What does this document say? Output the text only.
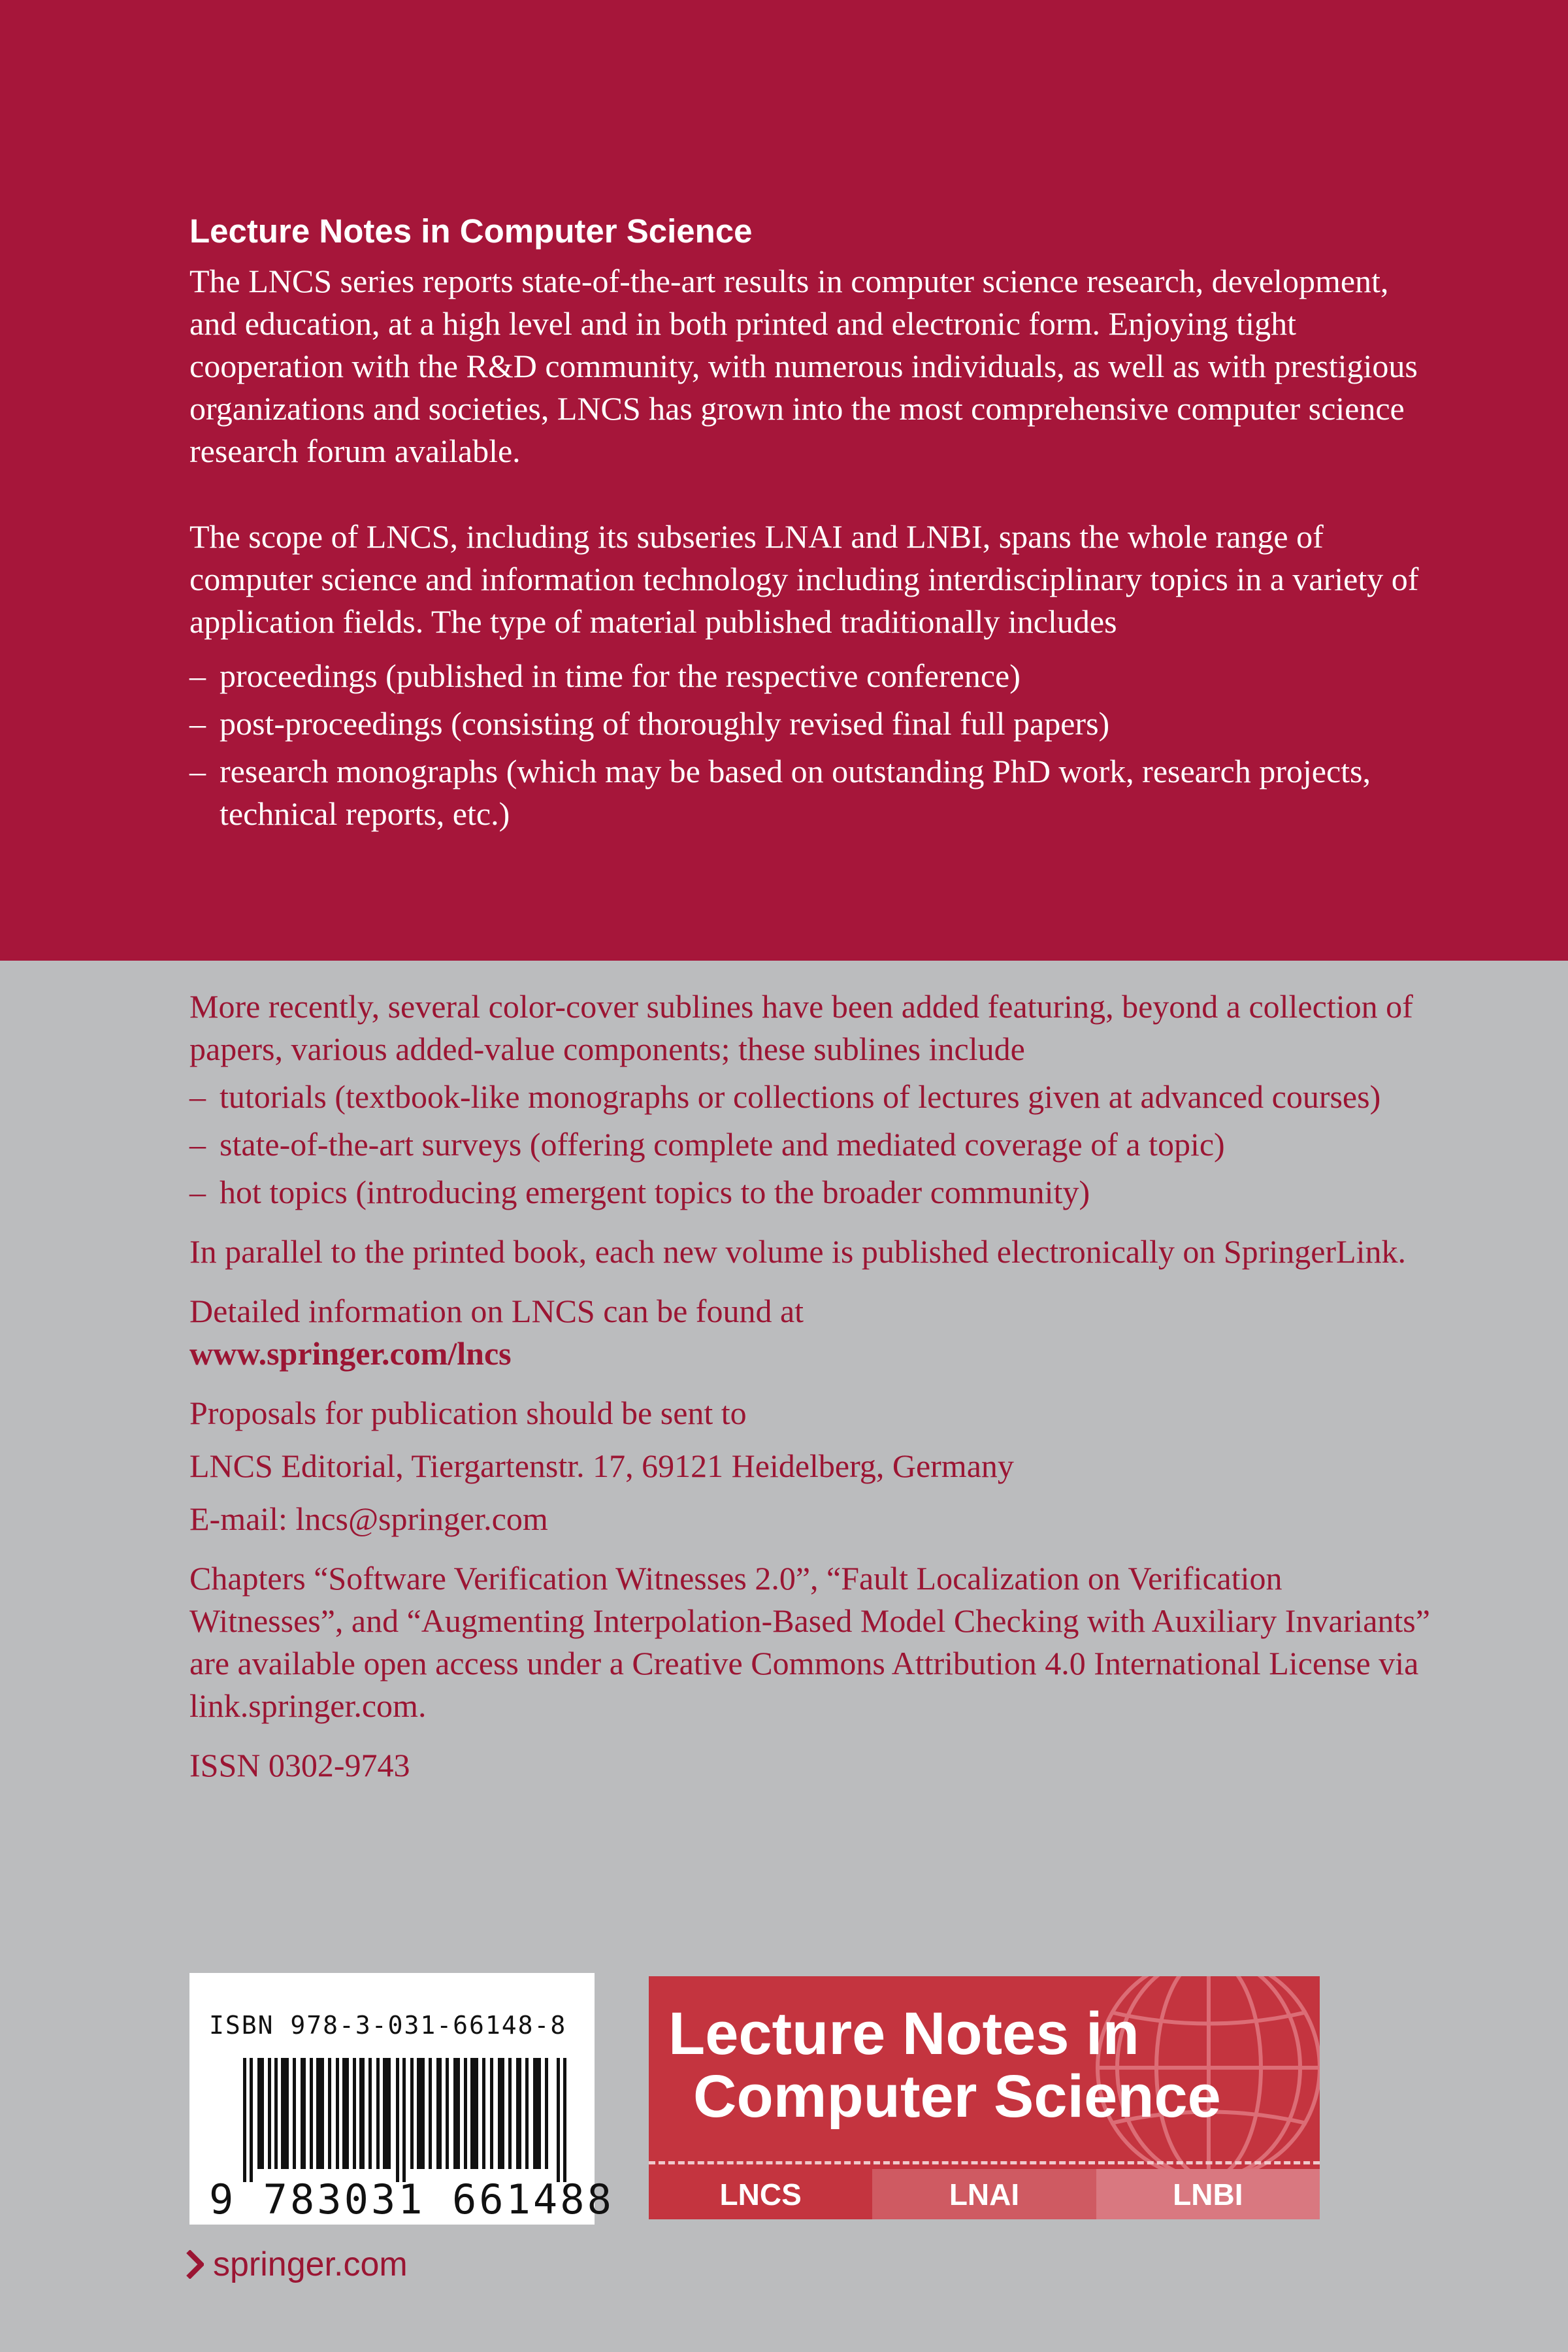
Lecture Notes in Computer Science

The LNCS series reports state-of-the-art results in computer science research, development, and education, at a high level and in both printed and electronic form. Enjoying tight cooperation with the R&D community, with numerous individuals, as well as with prestigious organizations and societies, LNCS has grown into the most comprehensive computer science research forum available.

The scope of LNCS, including its subseries LNAI and LNBI, spans the whole range of computer science and information technology including interdisciplinary topics in a variety of application fields. The type of material published traditionally includes

– proceedings (published in time for the respective conference)
– post-proceedings (consisting of thoroughly revised final full papers)
– research monographs (which may be based on outstanding PhD work, research projects, technical reports, etc.)

More recently, several color-cover sublines have been added featuring, beyond a collection of papers, various added-value components; these sublines include

– tutorials (textbook-like monographs or collections of lectures given at advanced courses)
– state-of-the-art surveys (offering complete and mediated coverage of a topic)
– hot topics (introducing emergent topics to the broader community)

In parallel to the printed book, each new volume is published electronically on SpringerLink.

Detailed information on LNCS can be found at

www.springer.com/lncs

Proposals for publication should be sent to

LNCS Editorial, Tiergartenstr. 17, 69121 Heidelberg, Germany

E-mail: lncs@springer.com

Chapters “Software Verification Witnesses 2.0”, “Fault Localization on Verification Witnesses”, and “Augmenting Interpolation-Based Model Checking with Auxiliary Invariants” are available open access under a Creative Commons Attribution 4.0 International License via link.springer.com.

ISSN 0302-9743

ISBN 978-3-031-66148-8
9 783031 661488
Lecture Notes in
Computer Science
LNCS	LNAI	LNBI
springer.com
